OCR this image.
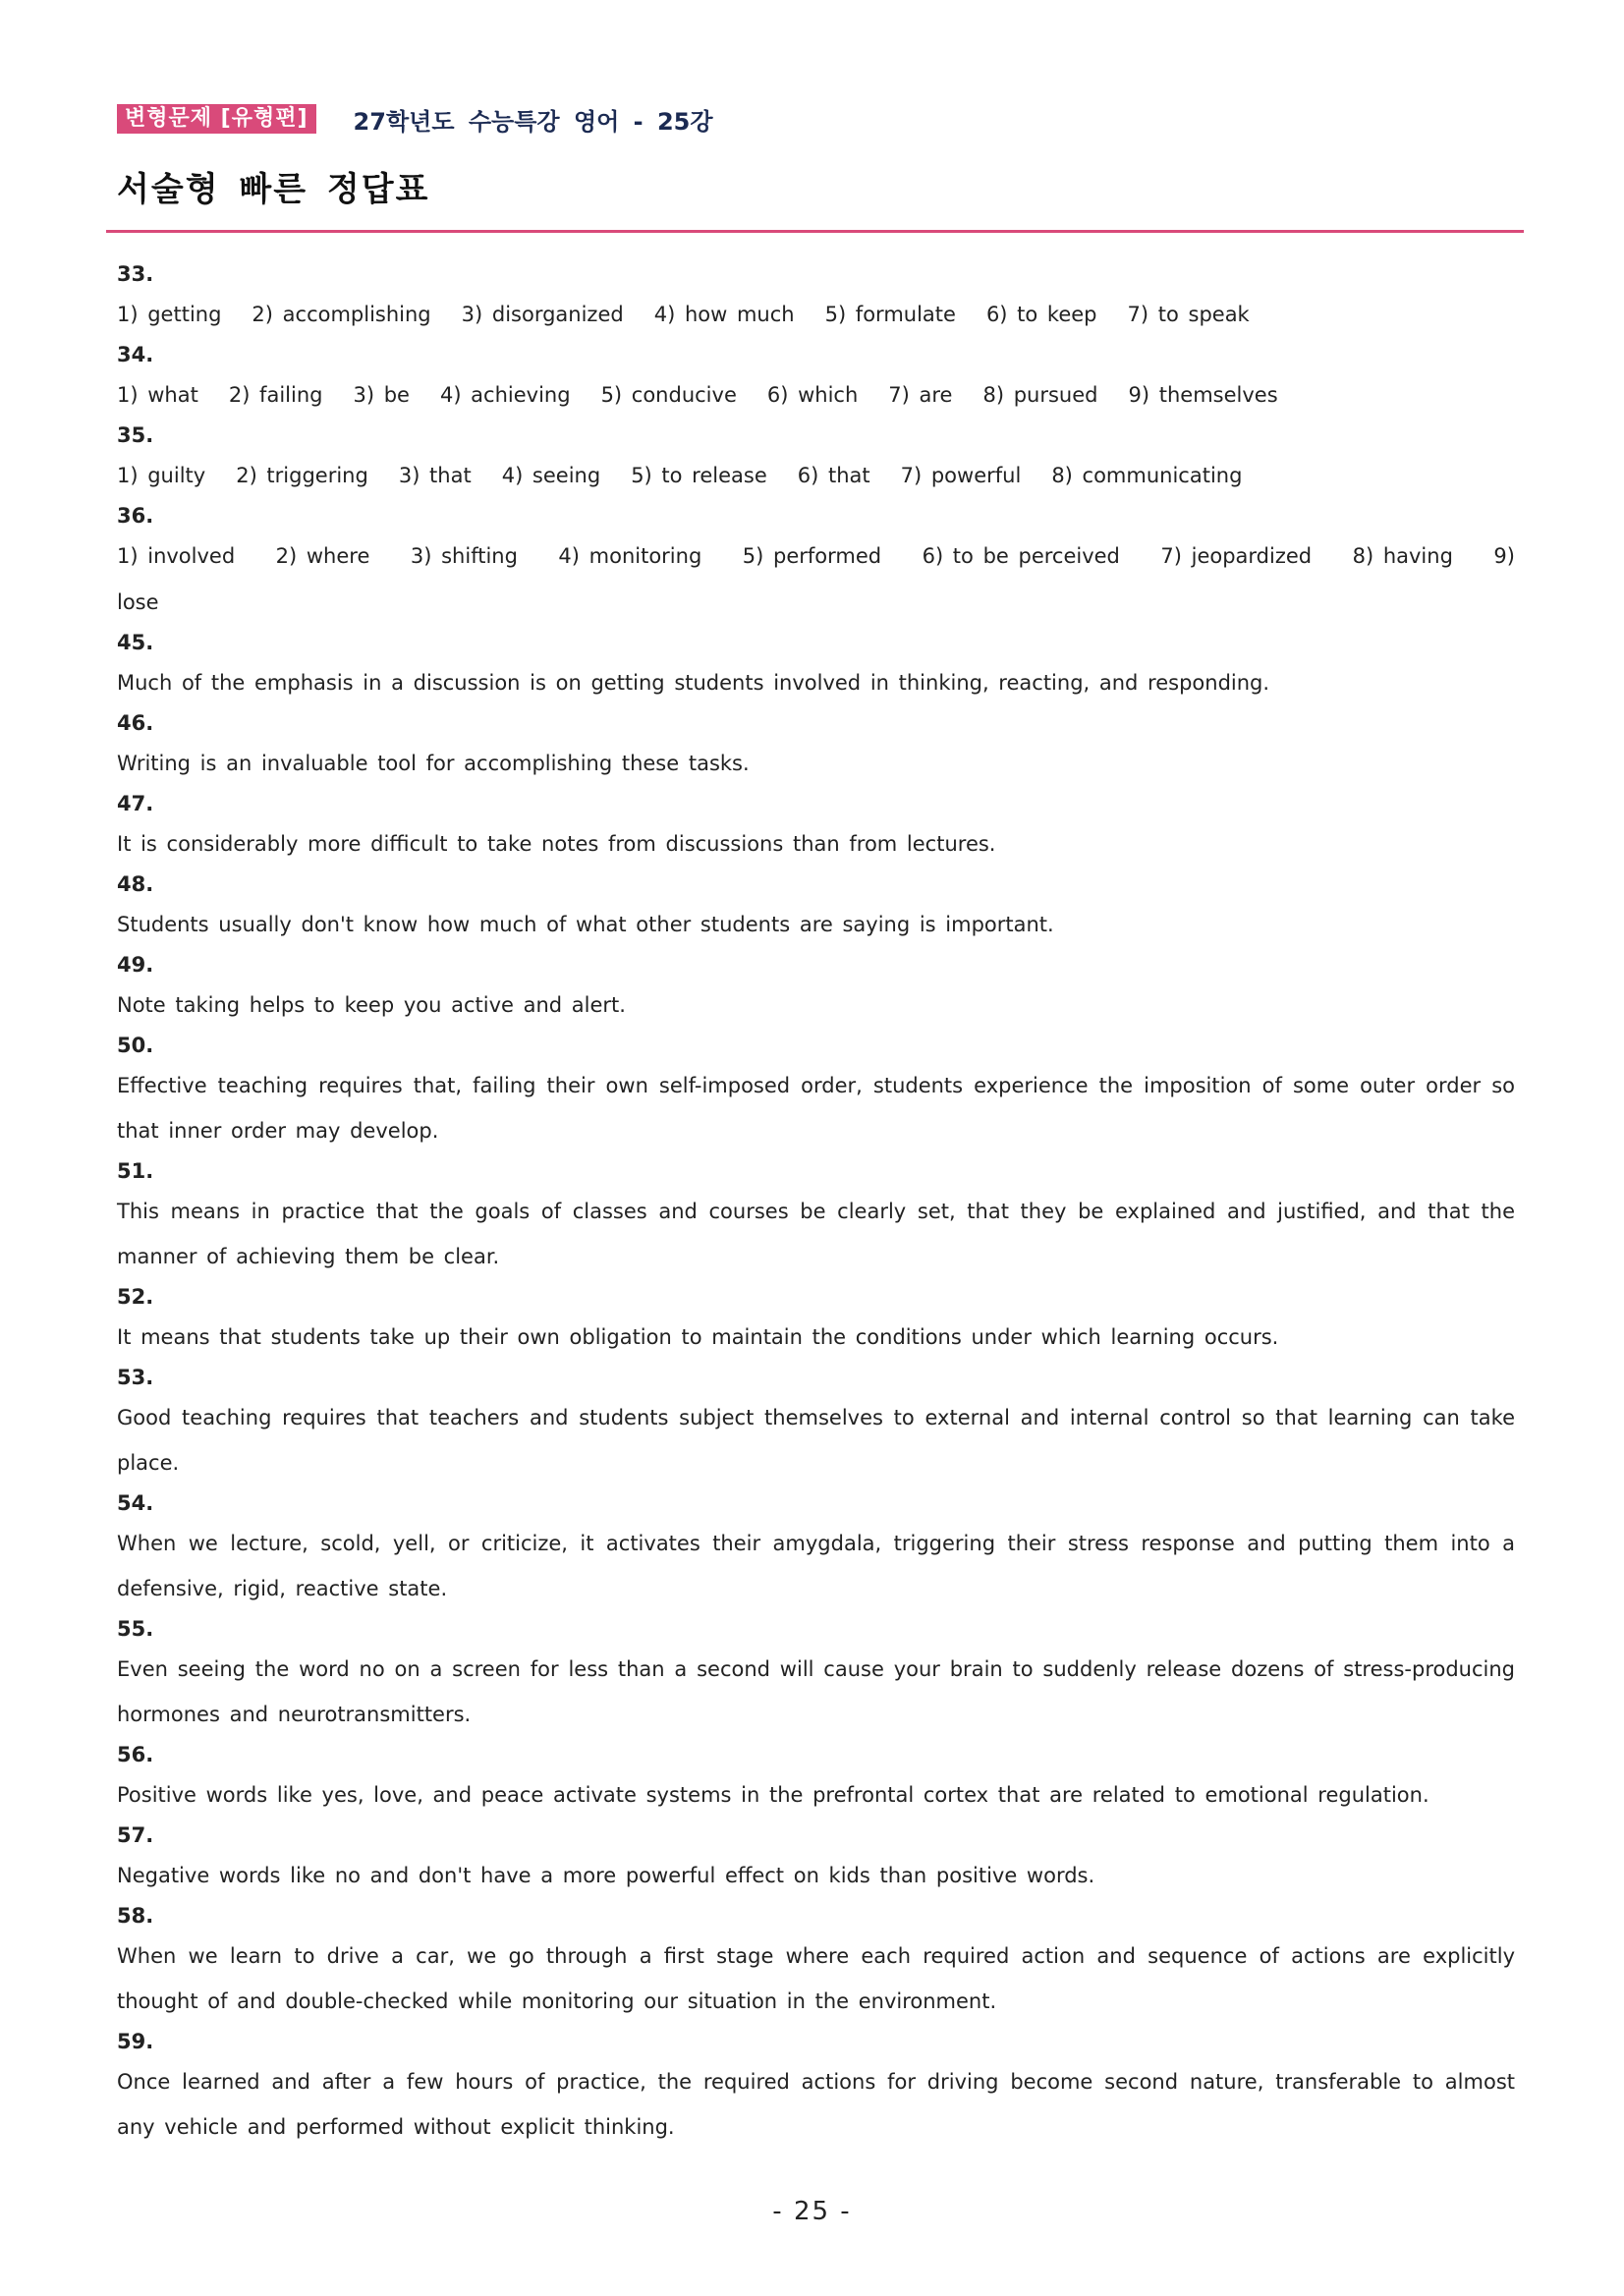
변형문제 [유형편]	27학년도 수능특강 영어 - 25강
서술형 빠른 정답표
33.
1) getting 2) accomplishing 3) disorganized 4) how much 5) formulate 6) to keep 7) to speak
34.
1) what 2) failing 3) be 4) achieving 5) conducive 6) which 7) are 8) pursued 9) themselves
35.
1) guilty 2) triggering 3) that 4) seeing 5) to release 6) that 7) powerful 8) communicating
36.
1) involved 2) where 3) shifting 4) monitoring 5) performed 6) to be perceived 7) jeopardized 8) having 9)
lose
45.
Much of the emphasis in a discussion is on getting students involved in thinking, reacting, and responding.
46.
Writing is an invaluable tool for accomplishing these tasks.
47.
It is considerably more difficult to take notes from discussions than from lectures.
48.
Students usually don't know how much of what other students are saying is important.
49.
Note taking helps to keep you active and alert.
50.
Effective teaching requires that, failing their own self-imposed order, students experience the imposition of some outer order so that inner order may develop.
51.
This means in practice that the goals of classes and courses be clearly set, that they be explained and justified, and that the manner of achieving them be clear.
52.
It means that students take up their own obligation to maintain the conditions under which learning occurs.
53.
Good teaching requires that teachers and students subject themselves to external and internal control so that learning can take place.
54.
When we lecture, scold, yell, or criticize, it activates their amygdala, triggering their stress response and putting them into a defensive, rigid, reactive state.
55.
Even seeing the word no on a screen for less than a second will cause your brain to suddenly release dozens of stress-producing hormones and neurotransmitters.
56.
Positive words like yes, love, and peace activate systems in the prefrontal cortex that are related to emotional regulation.
57.
Negative words like no and don't have a more powerful effect on kids than positive words.
58.
When we learn to drive a car, we go through a first stage where each required action and sequence of actions are explicitly thought of and double-checked while monitoring our situation in the environment.
59.
Once learned and after a few hours of practice, the required actions for driving become second nature, transferable to almost any vehicle and performed without explicit thinking.
- 25 -
